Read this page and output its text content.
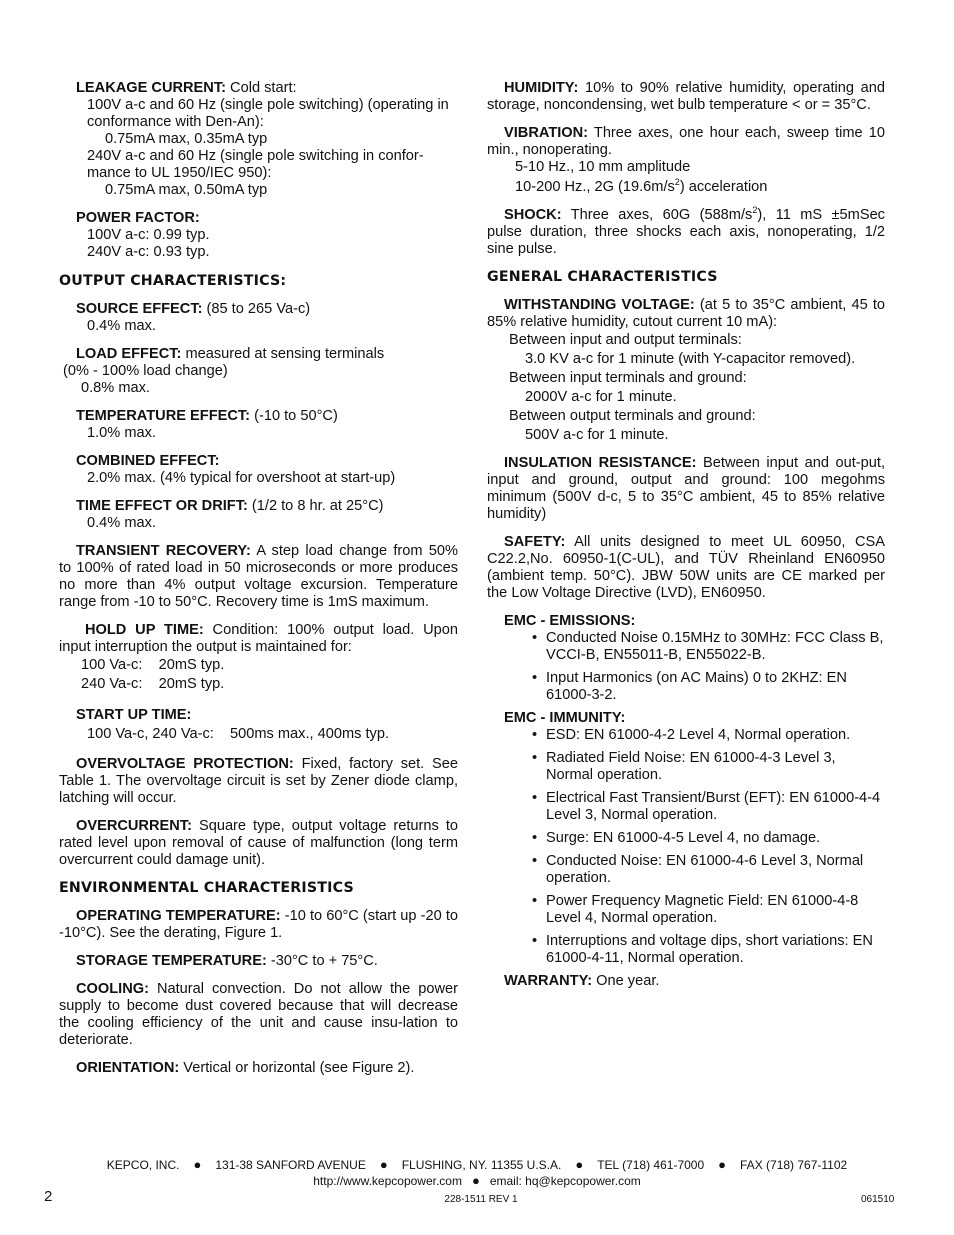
LEAKAGE CURRENT: Cold start:
100V a-c and 60 Hz (single pole switching) (operating in conformance with Den-An):
0.75mA max, 0.35mA typ
240V a-c and 60 Hz (single pole switching in confor-mance to UL 1950/IEC 950):
0.75mA max, 0.50mA typ
POWER FACTOR:
100V a-c: 0.99 typ.
240V a-c: 0.93 typ.
OUTPUT CHARACTERISTICS:
SOURCE EFFECT: (85 to 265 Va-c)
0.4% max.
LOAD EFFECT: measured at sensing terminals
(0% - 100% load change)
0.8% max.
TEMPERATURE EFFECT: (-10 to 50°C)
1.0% max.
COMBINED EFFECT:
2.0% max. (4% typical for overshoot at start-up)
TIME EFFECT OR DRIFT: (1/2 to 8 hr. at 25°C)
0.4% max.
TRANSIENT RECOVERY: A step load change from 50% to 100% of rated load in 50 microseconds or more produces no more than 4% output voltage excursion. Temperature range from -10 to 50°C. Recovery time is 1mS maximum.
HOLD UP TIME: Condition: 100% output load. Upon input interruption the output is maintained for:
100 Va-c:    20mS typ.
240 Va-c:    20mS typ.
START UP TIME:
100 Va-c, 240 Va-c:    500ms max., 400ms typ.
OVERVOLTAGE PROTECTION: Fixed, factory set. See Table 1. The overvoltage circuit is set by Zener diode clamp, latching will occur.
OVERCURRENT: Square type, output voltage returns to rated level upon removal of cause of malfunction (long term overcurrent could damage unit).
ENVIRONMENTAL CHARACTERISTICS
OPERATING TEMPERATURE: -10 to 60°C (start up -20 to -10°C). See the derating, Figure 1.
STORAGE TEMPERATURE: -30°C to + 75°C.
COOLING: Natural convection. Do not allow the power supply to become dust covered because that will decrease the cooling efficiency of the unit and cause insu-lation to deteriorate.
ORIENTATION: Vertical or horizontal (see Figure 2).
HUMIDITY: 10% to 90% relative humidity, operating and storage, noncondensing, wet bulb temperature < or = 35°C.
VIBRATION: Three axes, one hour each, sweep time 10 min., nonoperating.
5-10 Hz., 10 mm amplitude
10-200 Hz., 2G $(19.6m/s^2)$ acceleration
SHOCK: Three axes, 60G $(588m/s^2)$, 11 mS ±5mSec pulse duration, three shocks each axis, nonoperating, 1/2 sine pulse.
GENERAL CHARACTERISTICS
WITHSTANDING VOLTAGE: (at 5 to 35°C ambient, 45 to 85% relative humidity, cutout current 10 mA):
Between input and output terminals:
3.0 KV a-c for 1 minute (with Y-capacitor removed).
Between input terminals and ground:
2000V a-c for 1 minute.
Between output terminals and ground:
500V a-c for 1 minute.
INSULATION RESISTANCE: Between input and out-put, input and ground, output and ground: 100 megohms minimum (500V d-c, 5 to 35°C ambient, 45 to 85% relative humidity)
SAFETY: All units designed to meet UL 60950, CSA C22.2,No. 60950-1(C-UL), and TÜV Rheinland EN60950 (ambient temp. 50°C). JBW 50W units are CE marked per the Low Voltage Directive (LVD), EN60950.
EMC - EMISSIONS:
• Conducted Noise 0.15MHz to 30MHz: FCC Class B, VCCI-B, EN55011-B, EN55022-B.
• Input Harmonics (on AC Mains) 0 to 2KHZ: EN 61000-3-2.
EMC - IMMUNITY:
• ESD: EN 61000-4-2 Level 4, Normal operation.
• Radiated Field Noise: EN 61000-4-3 Level 3, Normal operation.
• Electrical Fast Transient/Burst (EFT): EN 61000-4-4 Level 3, Normal operation.
• Surge: EN 61000-4-5 Level 4, no damage.
• Conducted Noise: EN 61000-4-6 Level 3, Normal operation.
• Power Frequency Magnetic Field: EN 61000-4-8 Level 4, Normal operation.
• Interruptions and voltage dips, short variations: EN 61000-4-11, Normal operation.
WARRANTY: One year.
KEPCO, INC. ● 131-38 SANFORD AVENUE ● FLUSHING, NY. 11355 U.S.A. ● TEL (718) 461-7000 ● FAX (718) 767-1102
http://www.kepcopower.com ● email: hq@kepcopower.com
2	228-1511 REV 1	061510
